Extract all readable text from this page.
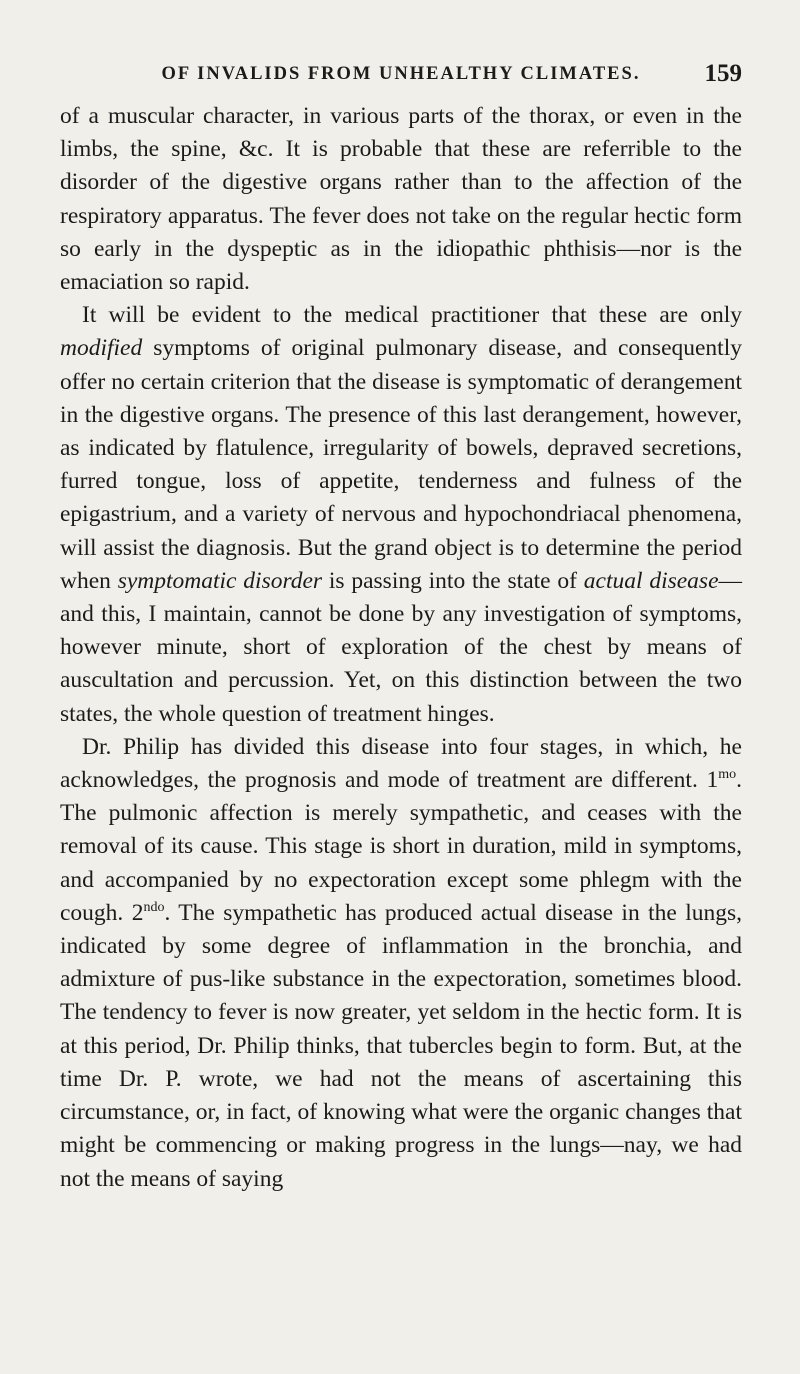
OF INVALIDS FROM UNHEALTHY CLIMATES.	159

of a muscular character, in various parts of the thorax, or even in the limbs, the spine, &c. It is probable that these are referrible to the disorder of the digestive organs rather than to the affection of the respiratory apparatus. The fever does not take on the regular hectic form so early in the dyspeptic as in the idiopathic phthisis—nor is the emaciation so rapid.

It will be evident to the medical practitioner that these are only modified symptoms of original pulmonary disease, and consequently offer no certain criterion that the disease is symptomatic of derangement in the digestive organs. The presence of this last derangement, however, as indicated by flatulence, irregularity of bowels, depraved secretions, furred tongue, loss of appetite, tenderness and fulness of the epigastrium, and a variety of nervous and hypochondriacal phenomena, will assist the diagnosis. But the grand object is to determine the period when symptomatic disorder is passing into the state of actual disease—and this, I maintain, cannot be done by any investigation of symptoms, however minute, short of exploration of the chest by means of auscultation and percussion. Yet, on this distinction between the two states, the whole question of treatment hinges.

Dr. Philip has divided this disease into four stages, in which, he acknowledges, the prognosis and mode of treatment are different. $1^{mo}$. The pulmonic affection is merely sympathetic, and ceases with the removal of its cause. This stage is short in duration, mild in symptoms, and accompanied by no expectoration except some phlegm with the cough. $2^{ndo}$. The sympathetic has produced actual disease in the lungs, indicated by some degree of inflammation in the bronchia, and admixture of pus-like substance in the expectoration, sometimes blood. The tendency to fever is now greater, yet seldom in the hectic form. It is at this period, Dr. Philip thinks, that tubercles begin to form. But, at the time Dr. P. wrote, we had not the means of ascertaining this circumstance, or, in fact, of knowing what were the organic changes that might be commencing or making progress in the lungs—nay, we had not the means of saying
